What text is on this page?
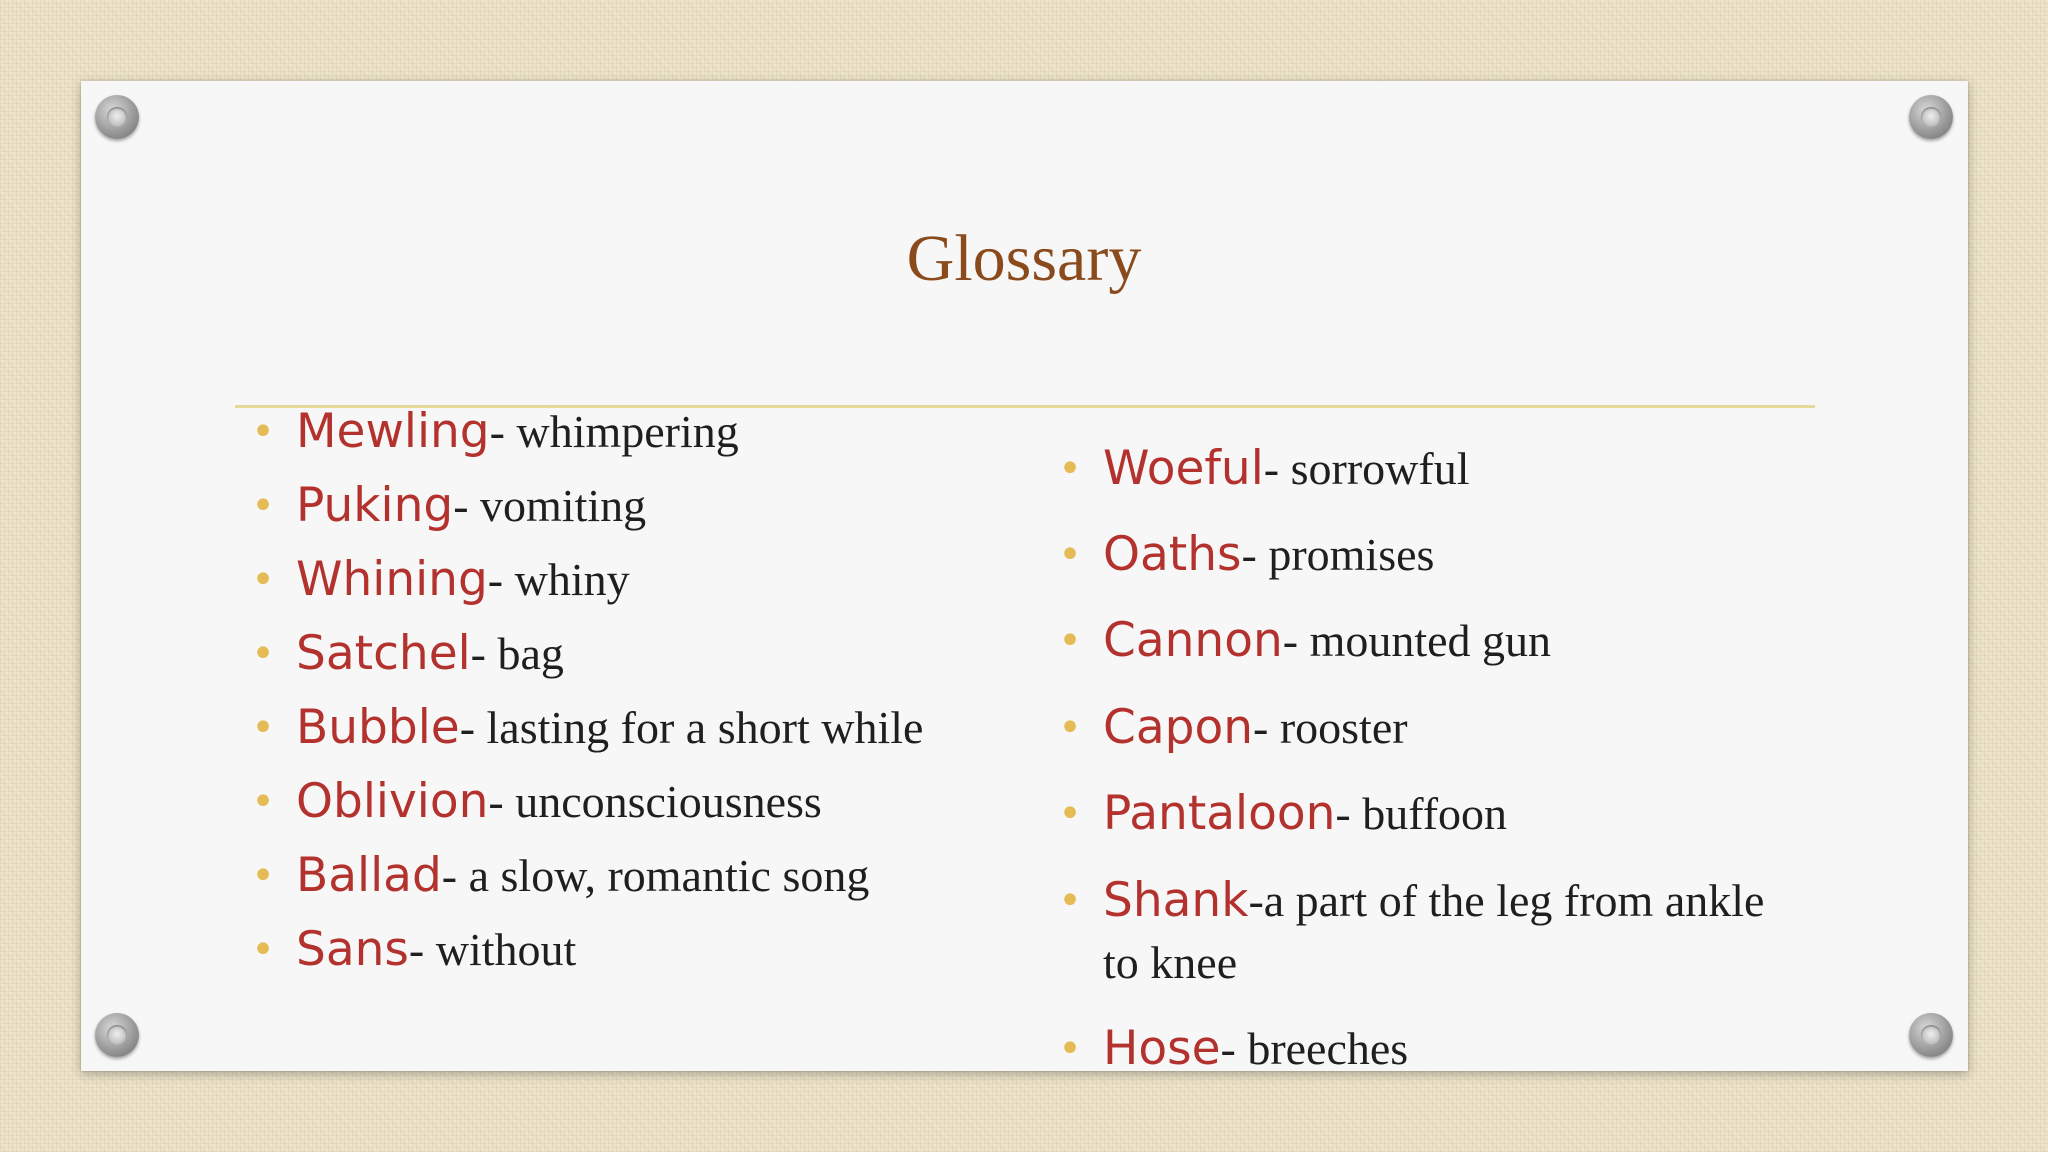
Glossary

• Mewling- whimpering

• Puking- vomiting

• Whining- whiny

• Satchel- bag

• Bubble- lasting for a short while

• Oblivion- unconsciousness

• Ballad- a slow, romantic song

• Sans- without

• Woeful- sorrowful

• Oaths- promises

• Cannon- mounted gun

• Capon- rooster

• Pantaloon- buffoon

• Shank-a part of the leg from ankle to knee

• Hose- breeches
